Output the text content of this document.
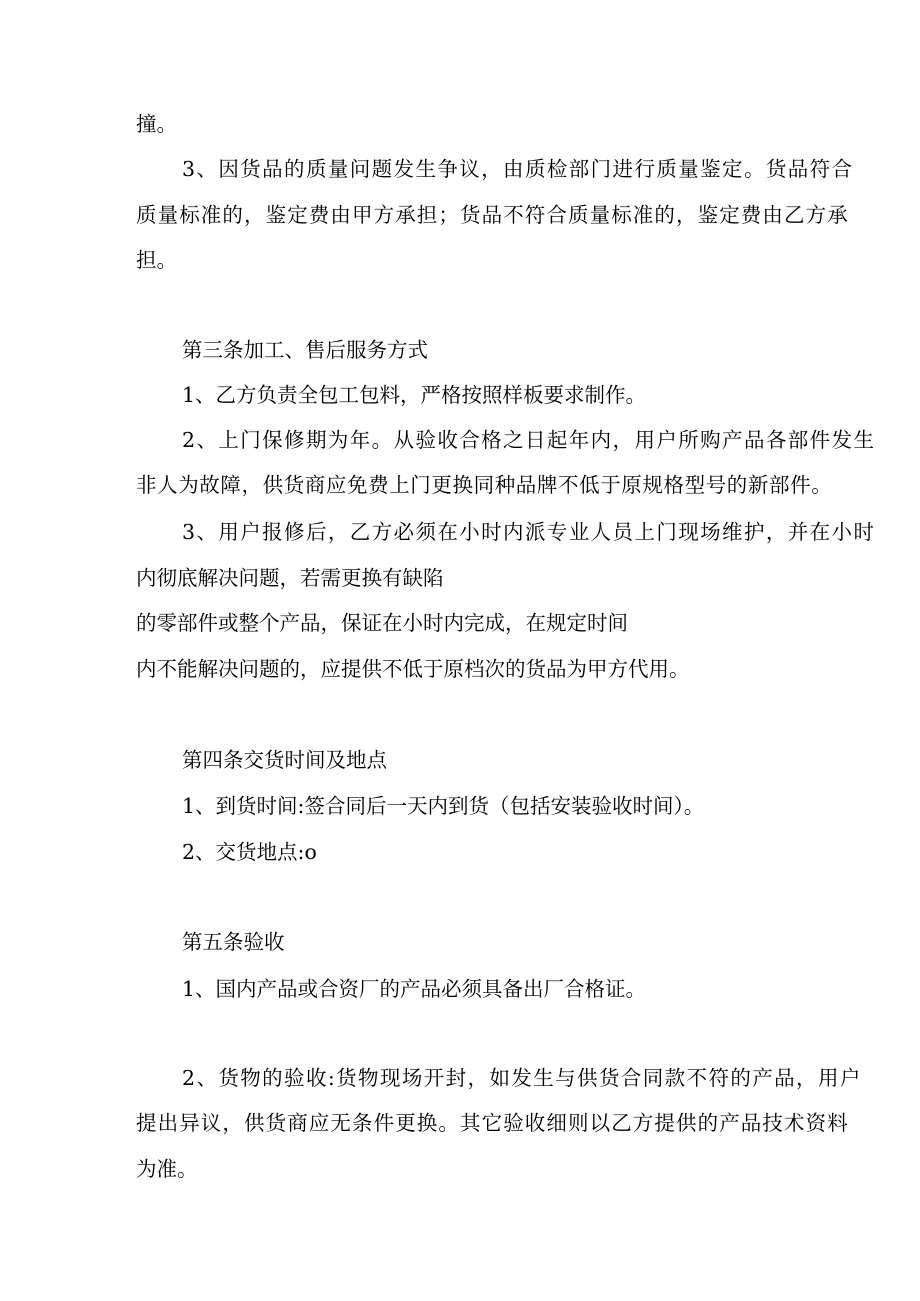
撞。
3、因货品的质量问题发生争议，由质检部门进行质量鉴定。货品符合
质量标准的，鉴定费由甲方承担；货品不符合质量标准的，鉴定费由乙方承
担。
第三条加工、售后服务方式
1、乙方负责全包工包料，严格按照样板要求制作。
2、上门保修期为年。从验收合格之日起年内，用户所购产品各部件发生
非人为故障，供货商应免费上门更换同种品牌不低于原规格型号的新部件。
3、用户报修后，乙方必须在小时内派专业人员上门现场维护，并在小时
内彻底解决问题，若需更换有缺陷
的零部件或整个产品，保证在小时内完成，在规定时间
内不能解决问题的，应提供不低于原档次的货品为甲方代用。
第四条交货时间及地点
1、到货时间:签合同后一天内到货（包括安装验收时间）。
2、交货地点:o
第五条验收
1、国内产品或合资厂的产品必须具备出厂合格证。
2、货物的验收:货物现场开封，如发生与供货合同款不符的产品，用户
提出异议，供货商应无条件更换。其它验收细则以乙方提供的产品技术资料
为准。
